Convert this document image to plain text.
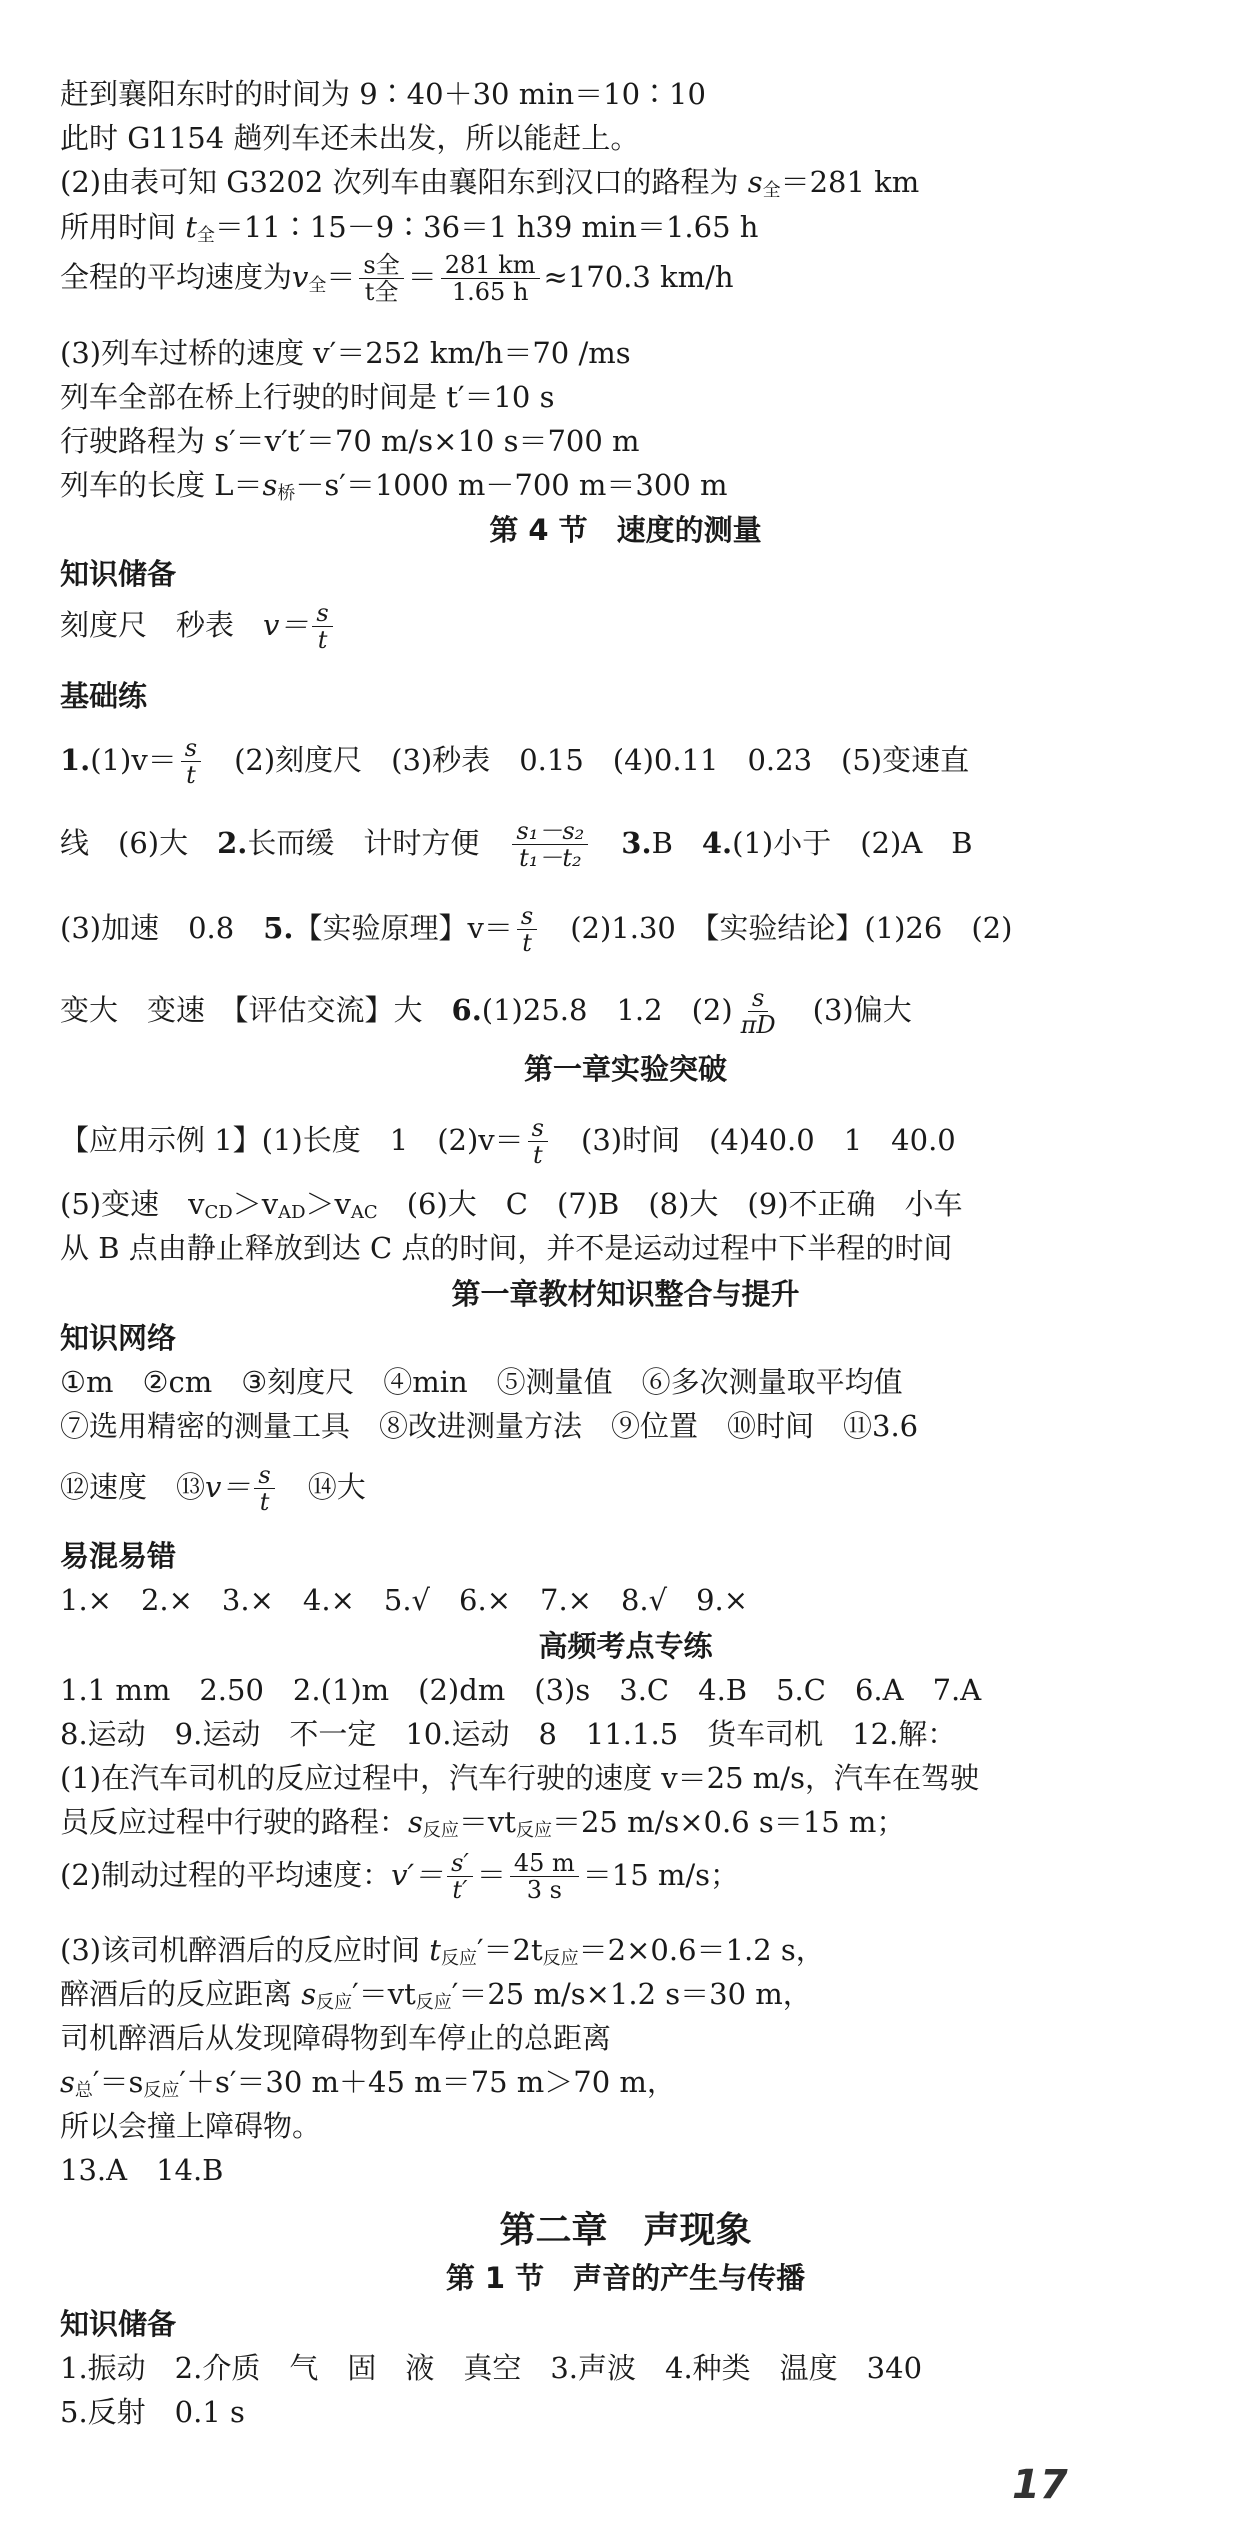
赶到襄阳东时的时间为 9∶40＋30 min＝10∶10
此时 G1154 趟列车还未出发，所以能赶上。
(2)由表可知 G3202 次列车由襄阳东到汉口的路程为 $s_全=281$ km
所用时间 $t_全=11∶15-9∶36=1$ h39 min＝1.65 h
全程的平均速度为$v_全= \frac{\text{s全}}{\text{t全}} = \frac{281 km}{1.65 h} \approx 170.3$ km/h
(3)列车过桥的速度 v′＝252 km/h＝70 /ms
列车全部在桥上行驶的时间是 t′＝10 s
行驶路程为 s′＝v′t′＝70 m/s×10 s＝700 m
列车的长度 $L=s_桥-s'=1000$ m－700 m＝300 m
第 4 节　速度的测量
知识储备
刻度尺　秒表　$v= \frac{s}{t}$
基础练
$1.(1)v= \frac{s}{t}$ 　(2)刻度尺　(3)秒表　0.15　(4)0.11　0.23　(5)变速直
线　(6)大　2.长而缓　计时方便　 $\frac{\text{s₁－s₂}}{\text{t₁－t₂}}$
　 3.B　4.(1)小于　(2)A　B
(3)加速　0.8　5.【实验原理】$v= \frac{s}{t}$ 　(2)1.30　【实验结论】(1)26　(2)
变大　变速　【评估交流】大　6.(1)25.8　1.2　$(2) \frac{s}{\pi D}$ 　(3)偏大
第一章实验突破
【应用示例 1】(1)长度　1　$(2)v= \frac{s}{t}$ 　(3)时间　(4)40.0　1　40.0
(5)变速　$v_{CD}>v_{AD}>v_{AC}$　(6)大　C　(7)B　(8)大　(9)不正确　小车
从 B 点由静止释放到达 C 点的时间，并不是运动过程中下半程的时间
第一章教材知识整合与提升
知识网络
①m　②cm　③刻度尺　④min　⑤测量值　⑥多次测量取平均值
⑦选用精密的测量工具　⑧改进测量方法　⑨位置　⑩时间　⑪3.6
⑫速度　⑬v＝ $\frac{s}{t}$ 　⑭大
易混易错
1.×　2.×　3.×　4.×　5.√　6.×　7.×　8.√　9.×
高频考点专练
1.1 mm　2.50　2.(1)m　(2)dm　(3)s　3.C　4.B　5.C　6.A　7.A
8.运动　9.运动　不一定　10.运动　8　11.1.5　货车司机　12.解：
(1)在汽车司机的反应过程中，汽车行驶的速度 v＝25 m/s，汽车在驾驶
员反应过程中行驶的路程：$s_{反应}=vt_{反应}=25$ m/s×0.6 s＝15 m；
(2)制动过程的平均速度：$v'= \frac{s'}{t'} = \frac{45 m}{3 s} =15$ m/s；
(3)该司机醉酒后的反应时间 $t_{反应}'=2t_{反应}=2\times 0.6=1.2$ s，
醉酒后的反应距离 $s_{反应}'=vt_{反应}'=25$ m/s×1.2 s＝30 m，
司机醉酒后从发现障碍物到车停止的总距离
$s_总'=s_{反应}'+s'=30$ m＋45 m＝75 m＞70 m，
所以会撞上障碍物。
13.A　14.B
第二章　声现象
第 1 节　声音的产生与传播
知识储备
1.振动　2.介质　气　固　液　真空　3.声波　4.种类　温度　340
5.反射　0.1 s
17
